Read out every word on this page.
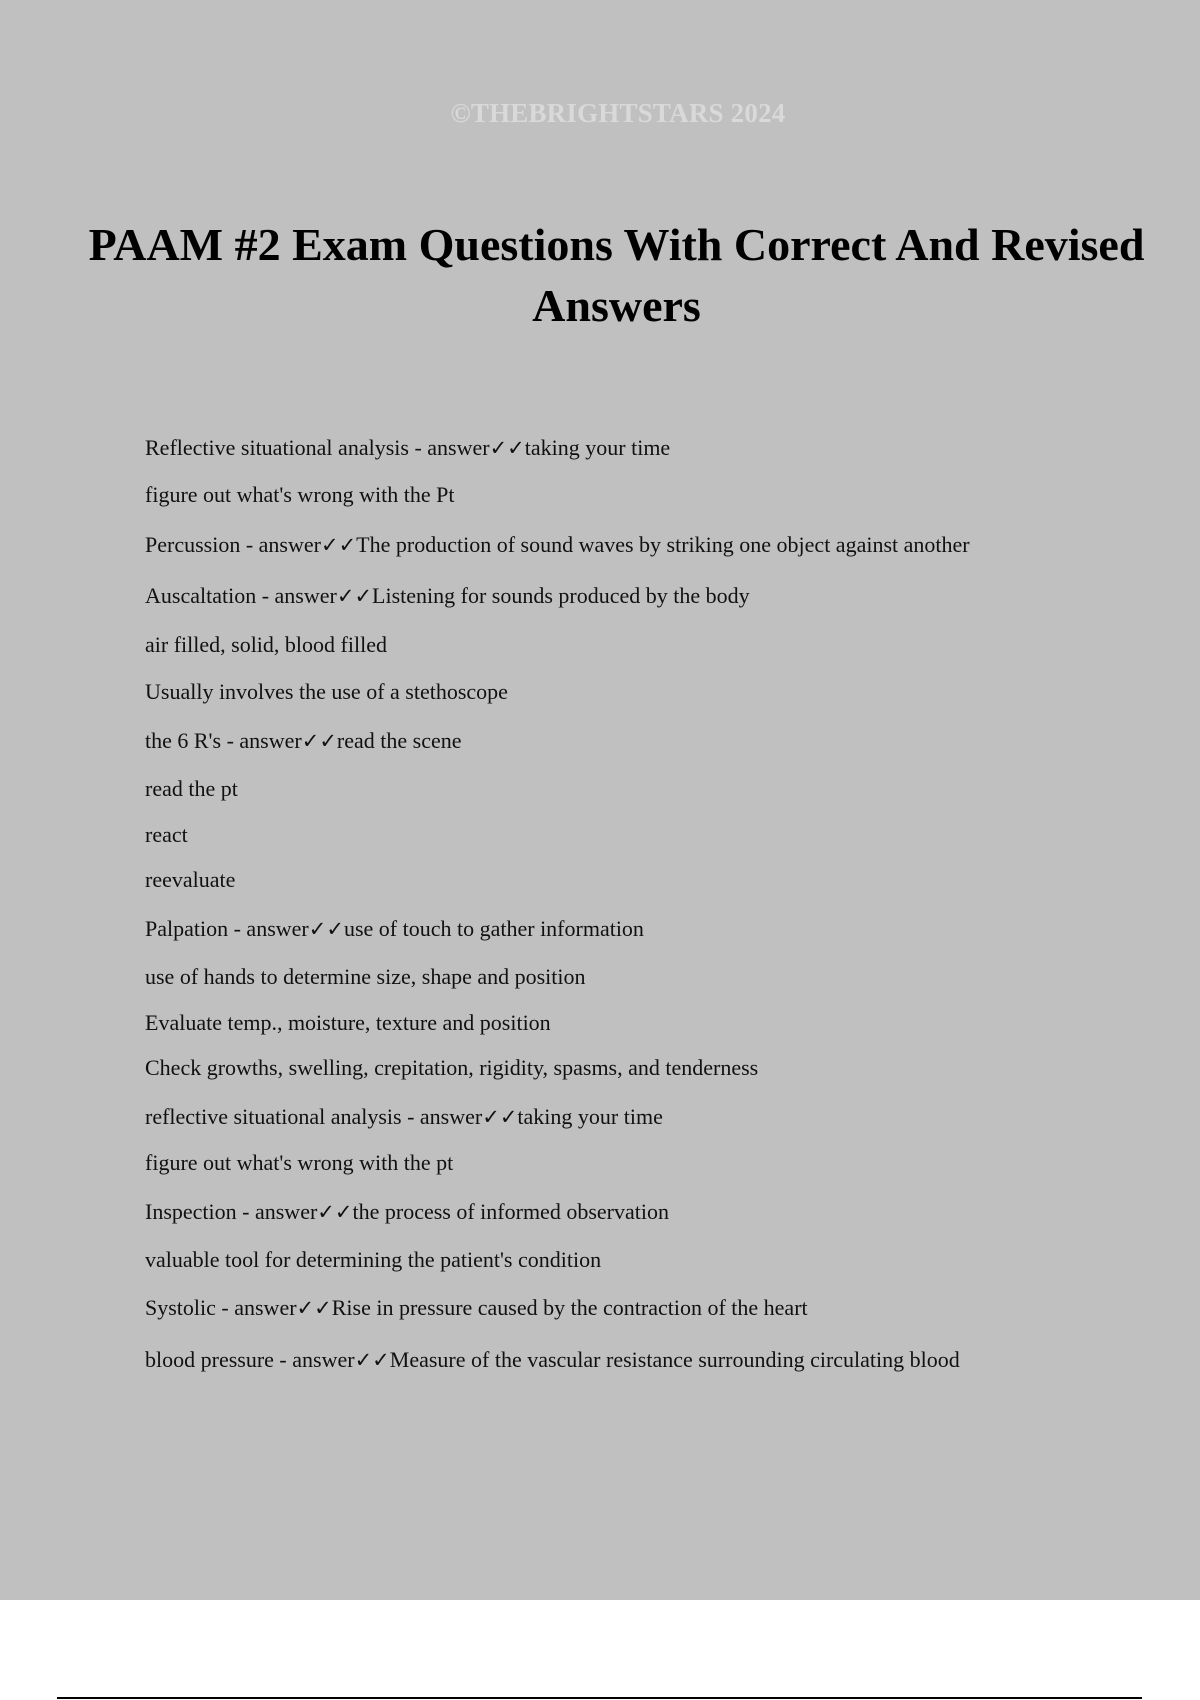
©THEBRIGHTSTARS 2024
PAAM #2 Exam Questions With Correct And Revised Answers
Reflective situational analysis - answer✓✓taking your time
figure out what's wrong with the Pt
Percussion - answer✓✓The production of sound waves by striking one object against another
Auscaltation - answer✓✓Listening for sounds produced by the body
air filled, solid, blood filled
Usually involves the use of a stethoscope
the 6 R's - answer✓✓read the scene
read the pt
react
reevaluate
Palpation - answer✓✓use of touch to gather information
use of hands to determine size, shape and position
Evaluate temp., moisture, texture and position
Check growths, swelling, crepitation, rigidity, spasms, and tenderness
reflective situational analysis - answer✓✓taking your time
figure out what's wrong with the pt
Inspection - answer✓✓the process of informed observation
valuable tool for determining the patient's condition
Systolic - answer✓✓Rise in pressure caused by the contraction of the heart
blood pressure - answer✓✓Measure of the vascular resistance surrounding circulating blood
